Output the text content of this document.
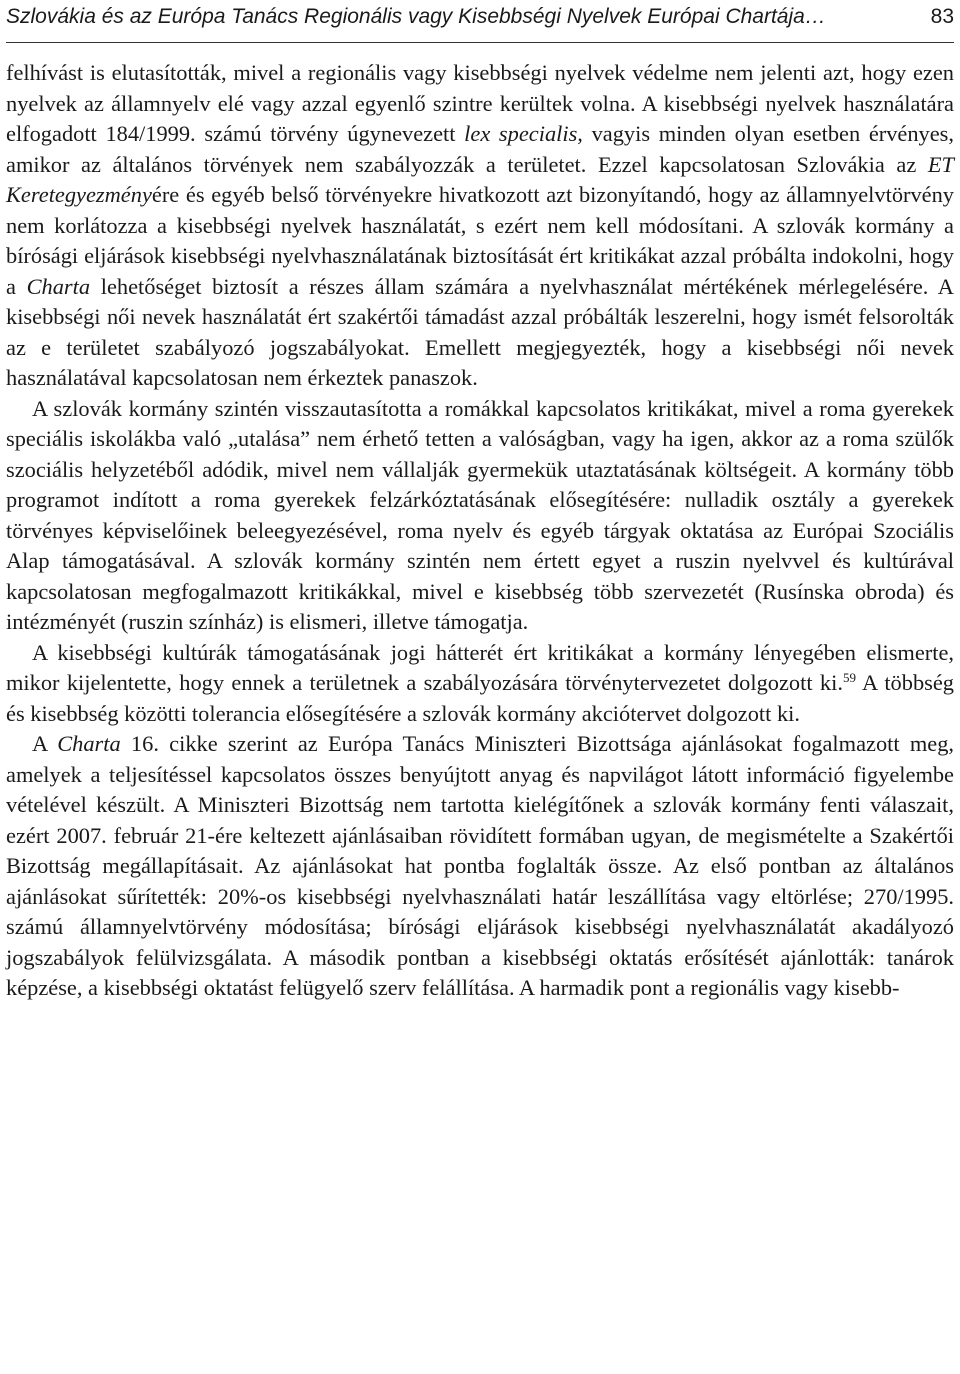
Szlovákia és az Európa Tanács Regionális vagy Kisebbségi Nyelvek Európai Chartája…	83

felhívást is elutasították, mivel a regionális vagy kisebbségi nyelvek védelme nem jelenti azt, hogy ezen nyelvek az államnyelv elé vagy azzal egyenlő szintre kerültek volna. A kisebbségi nyelvek használatára elfogadott 184/1999. számú törvény úgynevezett lex specialis, vagyis minden olyan esetben érvényes, amikor az általános törvények nem szabályozzák a területet. Ezzel kapcsolatosan Szlovákia az ET Keretegyezményére és egyéb belső törvényekre hivatkozott azt bizonyítandó, hogy az államnyelvtörvény nem korlátozza a kisebbségi nyelvek használatát, s ezért nem kell módosítani. A szlovák kormány a bírósági eljárások kisebbségi nyelvhasználatának biztosítását ért kritikákat azzal próbálta indokolni, hogy a Charta lehetőséget biztosít a részes állam számára a nyelvhasználat mértékének mérlegelésére. A kisebbségi női nevek használatát ért szakértői támadást azzal próbálták leszerelni, hogy ismét felsorolták az e területet szabályozó jogszabályokat. Emellett megjegyezték, hogy a kisebbségi női nevek használatával kapcsolatosan nem érkeztek panaszok.

A szlovák kormány szintén visszautasította a romákkal kapcsolatos kritikákat, mivel a roma gyerekek speciális iskolákba való „utalása” nem érhető tetten a valóságban, vagy ha igen, akkor az a roma szülők szociális helyzetéből adódik, mivel nem vállalják gyermekük utaztatásának költségeit. A kormány több programot indított a roma gyerekek felzárkóztatásának elősegítésére: nulladik osztály a gyerekek törvényes képviselőinek beleegyezésével, roma nyelv és egyéb tárgyak oktatása az Európai Szociális Alap támogatásával. A szlovák kormány szintén nem értett egyet a ruszin nyelvvel és kultúrával kapcsolatosan megfogalmazott kritikákkal, mivel e kisebbség több szervezetét (Rusínska obroda) és intézményét (ruszin színház) is elismeri, illetve támogatja.

A kisebbségi kultúrák támogatásának jogi hátterét ért kritikákat a kormány lényegében elismerte, mikor kijelentette, hogy ennek a területnek a szabályozására törvénytervezetet dolgozott ki.$^{59}$ A többség és kisebbség közötti tolerancia elősegítésére a szlovák kormány akciótervet dolgozott ki.

A Charta 16. cikke szerint az Európa Tanács Miniszteri Bizottsága ajánlásokat fogalmazott meg, amelyek a teljesítéssel kapcsolatos összes benyújtott anyag és napvilágot látott információ figyelembe vételével készült. A Miniszteri Bizottság nem tartotta kielégítőnek a szlovák kormány fenti válaszait, ezért 2007. február 21-ére keltezett ajánlásaiban rövidített formában ugyan, de megismételte a Szakértői Bizottság megállapításait. Az ajánlásokat hat pontba foglalták össze. Az első pontban az általános ajánlásokat sűrítették: 20%-os kisebbségi nyelvhasználati határ leszállítása vagy eltörlése; 270/1995. számú államnyelvtörvény módosítása; bírósági eljárások kisebbségi nyelvhasználatát akadályozó jogszabályok felülvizsgálata. A második pontban a kisebbségi oktatás erősítését ajánlották: tanárok képzése, a kisebbségi oktatást felügyelő szerv felállítása. A harmadik pont a regionális vagy kisebb-
